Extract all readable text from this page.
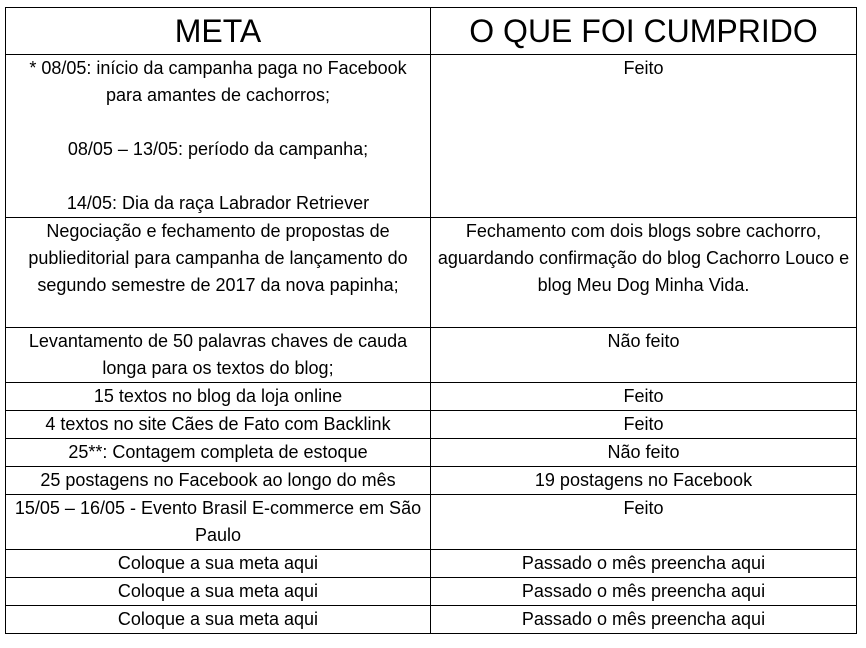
META	O QUE FOI CUMPRIDO

* 08/05: início da campanha paga no Facebook para amantes de cachorros;
08/05 – 13/05: período da campanha;
14/05: Dia da raça Labrador Retriever	Feito

Negociação e fechamento de propostas de publieditorial para campanha de lançamento do segundo semestre de 2017 da nova papinha;	Fechamento com dois blogs sobre cachorro, aguardando confirmação do blog Cachorro Louco e blog Meu Dog Minha Vida.

Levantamento de 50 palavras chaves de cauda longa para os textos do blog;	Não feito

15 textos no blog da loja online	Feito

4 textos no site Cães de Fato com Backlink	Feito

25**: Contagem completa de estoque	Não feito

25 postagens no Facebook ao longo do mês	19 postagens no Facebook

15/05 – 16/05 - Evento Brasil E-commerce em São Paulo	Feito

Coloque a sua meta aqui	Passado o mês preencha aqui

Coloque a sua meta aqui	Passado o mês preencha aqui

Coloque a sua meta aqui	Passado o mês preencha aqui
